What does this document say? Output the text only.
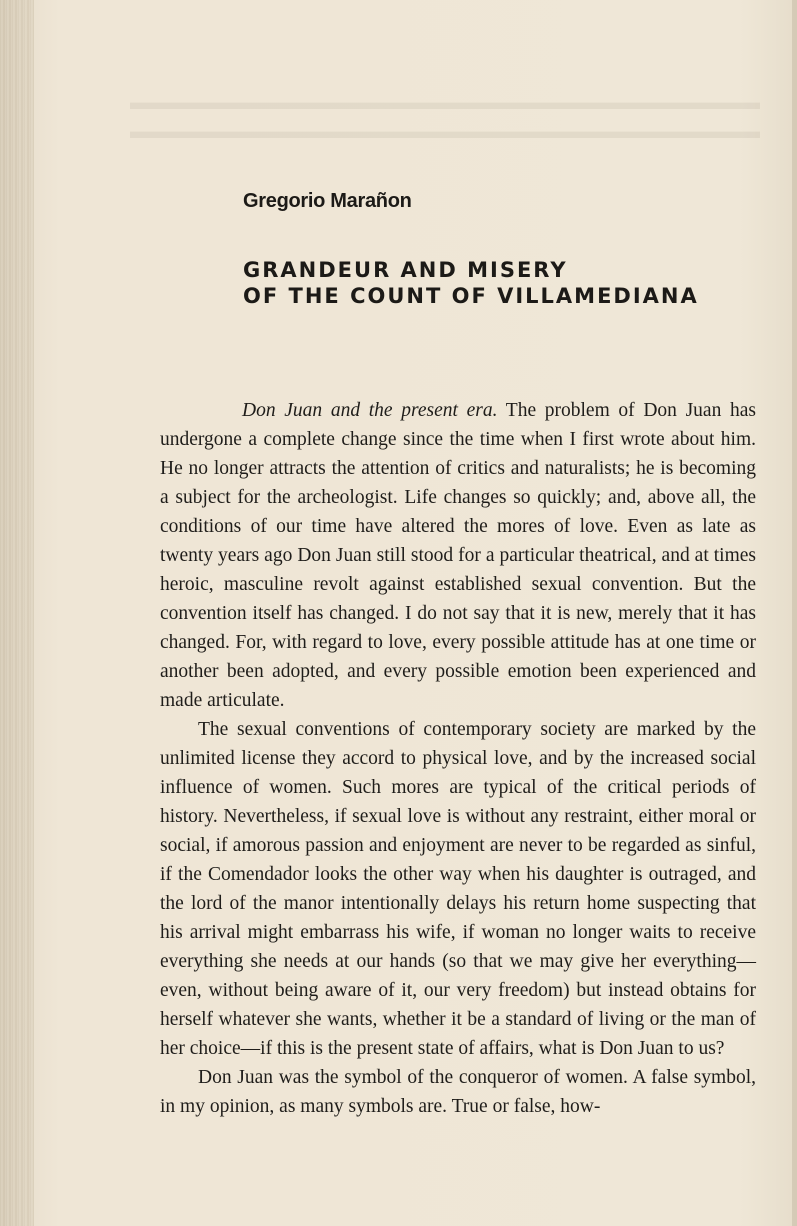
▬▬▬▬▬▬▬▬▬▬▬▬▬▬▬▬▬▬▬▬▬▬▬▬▬▬▬▬▬▬
▬▬▬▬▬▬▬▬▬▬▬▬▬▬▬▬▬▬▬▬▬▬▬▬▬▬▬▬▬▬
Gregorio Marañon
GRANDEUR AND MISERY
OF THE COUNT OF VILLAMEDIANA

Don Juan and the present era. The problem of Don Juan has undergone a complete change since the time when I first wrote about him. He no longer attracts the attention of critics and naturalists; he is becoming a subject for the archeologist. Life changes so quickly; and, above all, the conditions of our time have altered the mores of love. Even as late as twenty years ago Don Juan still stood for a particular theatrical, and at times heroic, masculine revolt against established sexual convention. But the convention itself has changed. I do not say that it is new, merely that it has changed. For, with regard to love, every possible attitude has at one time or another been adopted, and every possible emotion been experienced and made articulate.

The sexual conventions of contemporary society are marked by the unlimited license they accord to physical love, and by the increased social influence of women. Such mores are typical of the critical periods of history. Nevertheless, if sexual love is without any restraint, either moral or social, if amorous passion and enjoyment are never to be regarded as sinful, if the Comendador looks the other way when his daughter is outraged, and the lord of the manor intentionally delays his return home suspecting that his arrival might embarrass his wife, if woman no longer waits to receive everything she needs at our hands (so that we may give her everything—even, without being aware of it, our very freedom) but instead obtains for herself whatever she wants, whether it be a standard of living or the man of her choice—if this is the present state of affairs, what is Don Juan to us?

Don Juan was the symbol of the conqueror of women. A false symbol, in my opinion, as many symbols are. True or false, how-
